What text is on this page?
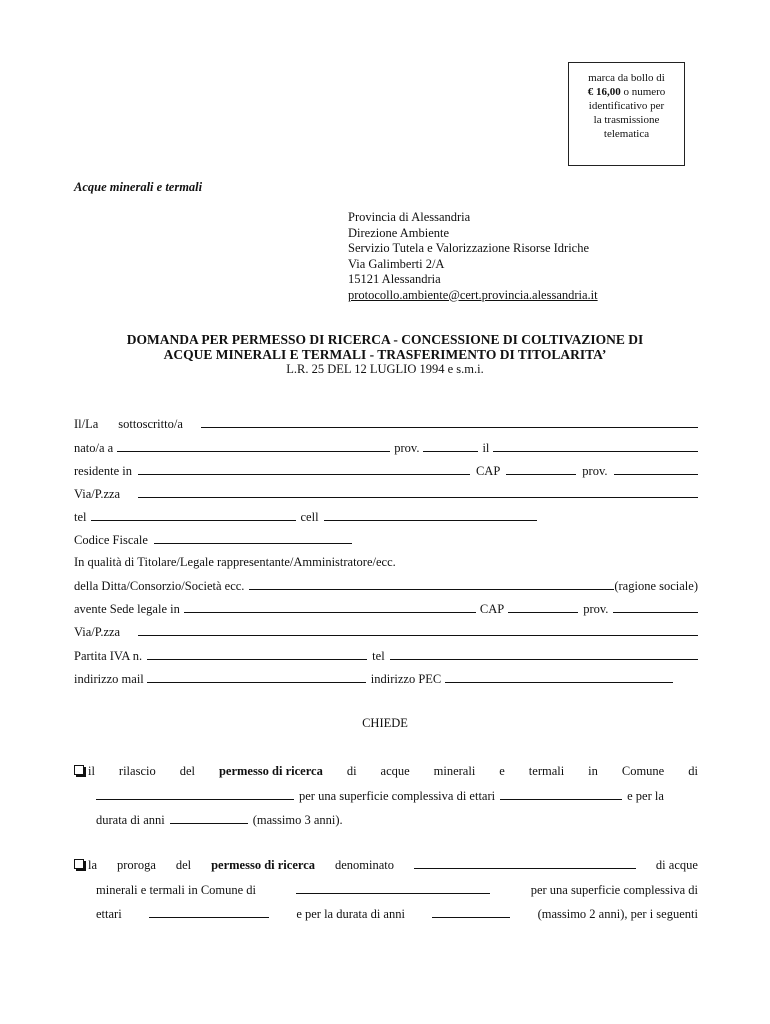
marca da bollo di
€ 16,00 o numero
identificativo per
la trasmissione
telematica
Acque minerali e termali
Provincia di Alessandria
Direzione Ambiente
Servizio Tutela e Valorizzazione Risorse Idriche
Via Galimberti 2/A
15121 Alessandria
protocollo.ambiente@cert.provincia.alessandria.it
DOMANDA PER PERMESSO DI RICERCA - CONCESSIONE DI COLTIVAZIONE DI
ACQUE MINERALI E TERMALI - TRASFERIMENTO DI TITOLARITA’
L.R. 25 DEL 12 LUGLIO 1994 e s.m.i.
Il/La sottoscritto/a
nato/a a	prov.	il
residente in	CAP	prov.
Via/P.zza
tel	cell
Codice Fiscale
In qualità di Titolare/Legale rappresentante/Amministratore/ecc.
della Ditta/Consorzio/Società ecc.	(ragione sociale)
avente Sede legale in	CAP	prov.
Via/P.zza
Partita IVA n.	tel
indirizzo mail	indirizzo PEC
CHIEDE
il rilascio del permesso di ricerca di acque minerali e termali in Comune di
per una superficie complessiva di ettari	e per la
durata di anni	(massimo 3 anni).
la proroga del permesso di ricerca denominato	di acque
minerali e termali in Comune di	per una superficie complessiva di
ettari	e per la durata di anni	(massimo 2 anni), per i seguenti
